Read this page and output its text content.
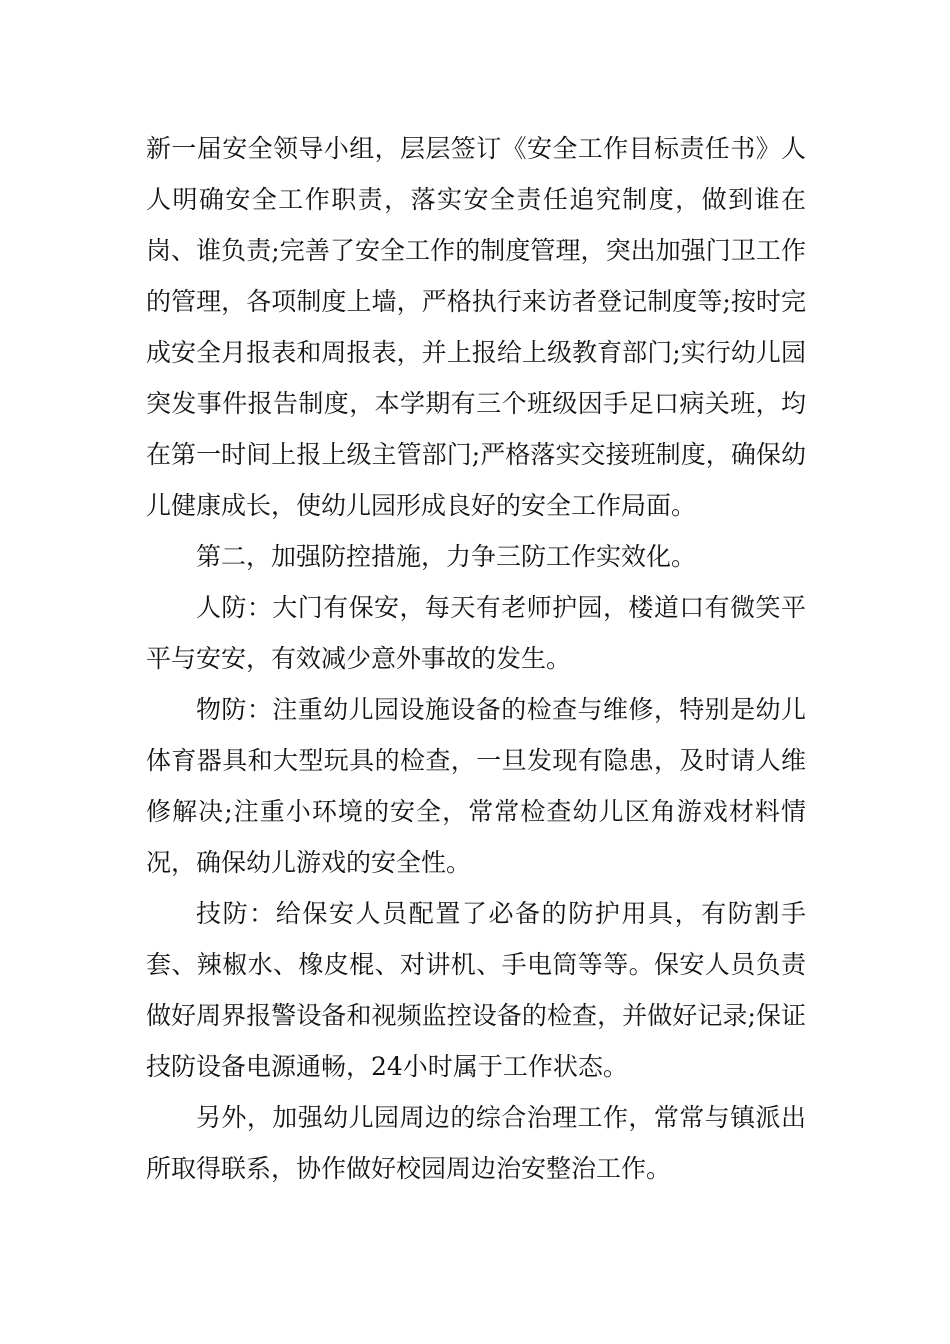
新一届安全领导小组，层层签订《安全工作目标责任书》人人明确安全工作职责，落实安全责任追究制度，做到谁在岗、谁负责;完善了安全工作的制度管理，突出加强门卫工作的管理，各项制度上墙，严格执行来访者登记制度等;按时完成安全月报表和周报表，并上报给上级教育部门;实行幼儿园突发事件报告制度，本学期有三个班级因手足口病关班，均在第一时间上报上级主管部门;严格落实交接班制度，确保幼儿健康成长，使幼儿园形成良好的安全工作局面。

第二，加强防控措施，力争三防工作实效化。

人防：大门有保安，每天有老师护园，楼道口有微笑平平与安安，有效减少意外事故的发生。

物防：注重幼儿园设施设备的检查与维修，特别是幼儿体育器具和大型玩具的检查，一旦发现有隐患，及时请人维修解决;注重小环境的安全，常常检查幼儿区角游戏材料情况，确保幼儿游戏的安全性。

技防：给保安人员配置了必备的防护用具，有防割手套、辣椒水、橡皮棍、对讲机、手电筒等等。保安人员负责做好周界报警设备和视频监控设备的检查，并做好记录;保证技防设备电源通畅，24小时属于工作状态。

另外，加强幼儿园周边的综合治理工作，常常与镇派出所取得联系，协作做好校园周边治安整治工作。
